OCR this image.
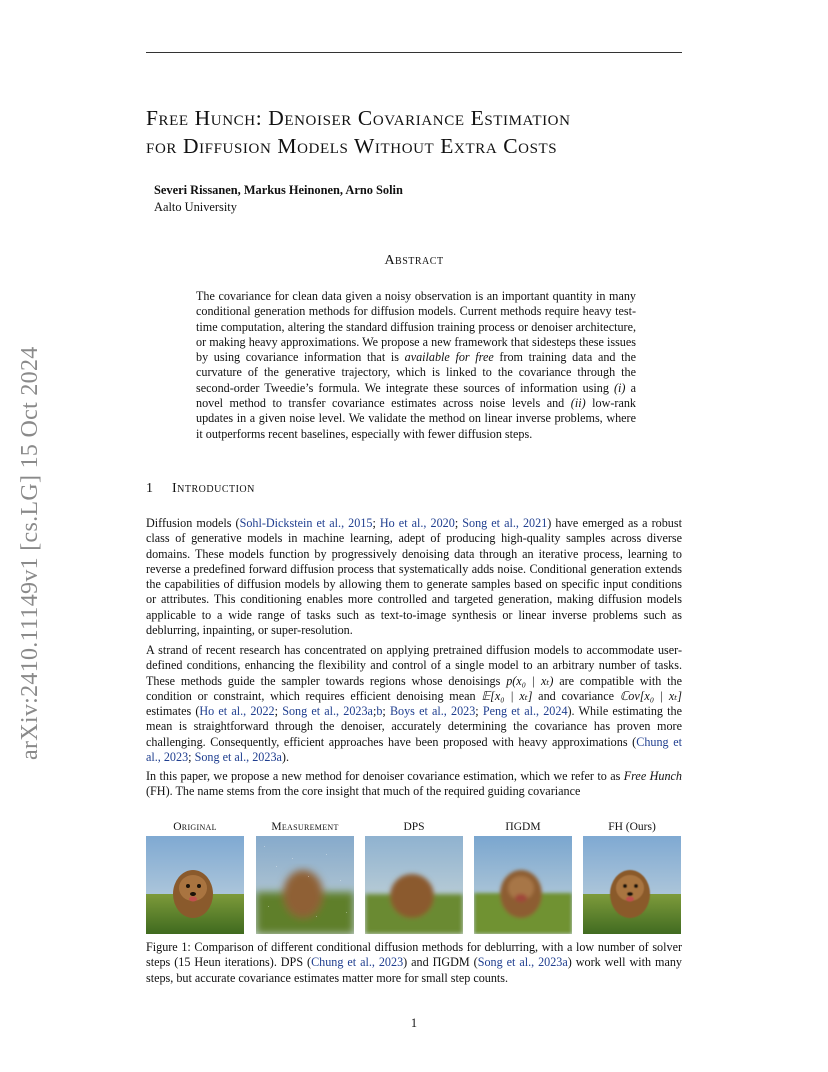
arXiv:2410.11149v1 [cs.LG] 15 Oct 2024
Free Hunch: Denoiser Covariance Estimation
for Diffusion Models Without Extra Costs
Severi Rissanen, Markus Heinonen, Arno Solin
Aalto University
Abstract
The covariance for clean data given a noisy observation is an important quantity in many conditional generation methods for diffusion models. Current methods require heavy test-time computation, altering the standard diffusion training process or denoiser architecture, or making heavy approximations. We propose a new framework that sidesteps these issues by using covariance information that is available for free from training data and the curvature of the generative trajectory, which is linked to the covariance through the second-order Tweedie’s formula. We integrate these sources of information using (i) a novel method to transfer covariance estimates across noise levels and (ii) low-rank updates in a given noise level. We validate the method on linear inverse problems, where it outperforms recent baselines, especially with fewer diffusion steps.
1 Introduction
Diffusion models (Sohl-Dickstein et al., 2015; Ho et al., 2020; Song et al., 2021) have emerged as a robust class of generative models in machine learning, adept of producing high-quality samples across diverse domains. These models function by progressively denoising data through an iterative process, learning to reverse a predefined forward diffusion process that systematically adds noise. Conditional generation extends the capabilities of diffusion models by allowing them to generate samples based on specific input conditions or attributes. This conditioning enables more controlled and targeted generation, making diffusion models applicable to a wide range of tasks such as text-to-image synthesis or linear inverse problems such as deblurring, inpainting, or super-resolution.
A strand of recent research has concentrated on applying pretrained diffusion models to accommodate user-defined conditions, enhancing the flexibility and control of a single model to an arbitrary number of tasks. These methods guide the sampler towards regions whose denoisings p(x₀ | xₜ) are compatible with the condition or constraint, which requires efficient denoising mean 𝔼[x₀ | xₜ] and covariance ℂov[x₀ | xₜ] estimates (Ho et al., 2022; Song et al., 2023a;b; Boys et al., 2023; Peng et al., 2024). While estimating the mean is straightforward through the denoiser, accurately determining the covariance has proven more challenging. Consequently, efficient approaches have been proposed with heavy approximations (Chung et al., 2023; Song et al., 2023a).
In this paper, we propose a new method for denoiser covariance estimation, which we refer to as Free Hunch (FH). The name stems from the core insight that much of the required guiding covariance
Original	Measurement	DPS	ΠGDM	FH (Ours)
Figure 1: Comparison of different conditional diffusion methods for deblurring, with a low number of solver steps (15 Heun iterations). DPS (Chung et al., 2023) and ΠGDM (Song et al., 2023a) work well with many steps, but accurate covariance estimates matter more for small step counts.
1
